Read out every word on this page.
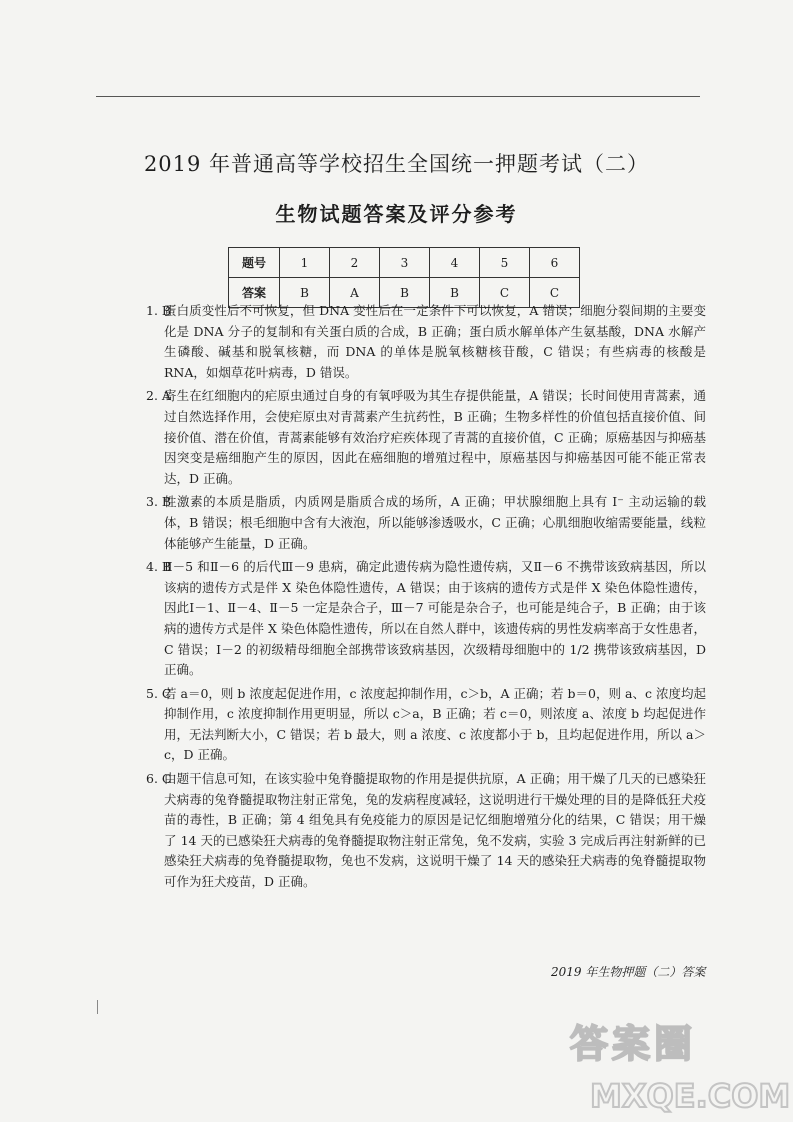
2019 年普通高等学校招生全国统一押题考试（二）
生物试题答案及评分参考
题号	1	2	3	4	5	6
答案	B	A	B	B	C	C
1. B
蛋白质变性后不可恢复，但 DNA 变性后在一定条件下可以恢复，A 错误；细胞分裂间期的主要变化是 DNA 分子的复制和有关蛋白质的合成，B 正确；蛋白质水解单体产生氨基酸，DNA 水解产生磷酸、碱基和脱氧核糖，而 DNA 的单体是脱氧核糖核苷酸，C 错误；有些病毒的核酸是 RNA，如烟草花叶病毒，D 错误。
2. A
寄生在红细胞内的疟原虫通过自身的有氧呼吸为其生存提供能量，A 错误；长时间使用青蒿素，通过自然选择作用，会使疟原虫对青蒿素产生抗药性，B 正确；生物多样性的价值包括直接价值、间接价值、潜在价值，青蒿素能够有效治疗疟疾体现了青蒿的直接价值，C 正确；原癌基因与抑癌基因突变是癌细胞产生的原因，因此在癌细胞的增殖过程中，原癌基因与抑癌基因可能不能正常表达，D 正确。
3. B
性激素的本质是脂质，内质网是脂质合成的场所，A 正确；甲状腺细胞上具有 I⁻ 主动运输的载体，B 错误；根毛细胞中含有大液泡，所以能够渗透吸水，C 正确；心肌细胞收缩需要能量，线粒体能够产生能量，D 正确。
4. B
Ⅱ－5 和Ⅱ－6 的后代Ⅲ－9 患病，确定此遗传病为隐性遗传病，又Ⅱ－6 不携带该致病基因，所以该病的遗传方式是伴 X 染色体隐性遗传，A 错误；由于该病的遗传方式是伴 X 染色体隐性遗传，因此Ⅰ－1、Ⅱ－4、Ⅱ－5 一定是杂合子，Ⅲ－7 可能是杂合子，也可能是纯合子，B 正确；由于该病的遗传方式是伴 X 染色体隐性遗传，所以在自然人群中，该遗传病的男性发病率高于女性患者，C 错误；Ⅰ－2 的初级精母细胞全部携带该致病基因，次级精母细胞中的 1/2 携带该致病基因，D 正确。
5. C
若 a＝0，则 b 浓度起促进作用，c 浓度起抑制作用，c＞b，A 正确；若 b＝0，则 a、c 浓度均起抑制作用，c 浓度抑制作用更明显，所以 c＞a，B 正确；若 c＝0，则浓度 a、浓度 b 均起促进作用，无法判断大小，C 错误；若 b 最大，则 a 浓度、c 浓度都小于 b，且均起促进作用，所以 a＞c，D 正确。
6. C
由题干信息可知，在该实验中兔脊髓提取物的作用是提供抗原，A 正确；用干燥了几天的已感染狂犬病毒的兔脊髓提取物注射正常兔，兔的发病程度减轻，这说明进行干燥处理的目的是降低狂犬疫苗的毒性，B 正确；第 4 组兔具有免疫能力的原因是记忆细胞增殖分化的结果，C 错误；用干燥了 14 天的已感染狂犬病毒的兔脊髓提取物注射正常兔，兔不发病，实验 3 完成后再注射新鲜的已感染狂犬病毒的兔脊髓提取物，兔也不发病，这说明干燥了 14 天的感染狂犬病毒的兔脊髓提取物可作为狂犬疫苗，D 正确。
2019 年生物押题（二）答案
答案圈
MXQE.COM
